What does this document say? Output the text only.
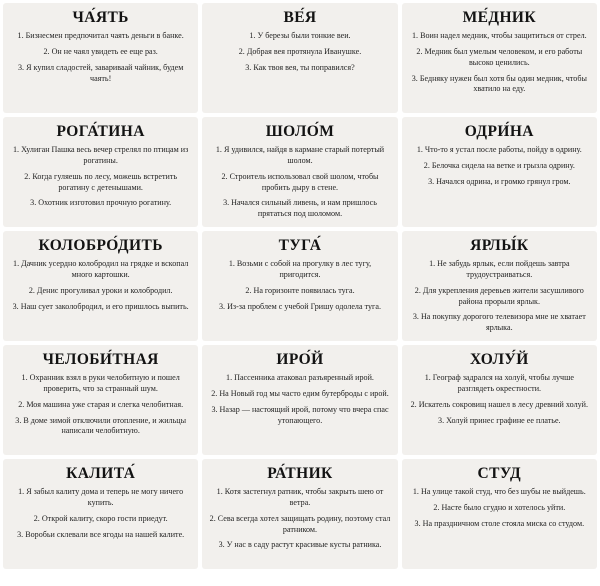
ЧА́ЯТЬ
1. Бизнесмен предпочитал чаять деньги в банке.
2. Он не чаял увидеть ее еще раз.
3. Я купил сладостей, завариваай чайник, будем чаять!
ВЕ́Я
1. У березы были тонкие веи.
2. Добрая вея протянула Иванушке.
3. Как твоя вея, ты поправился?
МЕ́ДНИК
1. Воин надел медник, чтобы защититься от стрел.
2. Медник был умелым человеком, и его работы высоко ценились.
3. Бедняку нужен был хотя бы один медник, чтобы хватило на еду.
РОГА́ТИНА
1. Хулиган Пашка весь вечер стрелял по птицам из рогатины.
2. Когда гуляешь по лесу, можешь встретить рогатину с детенышами.
3. Охотник изготовил прочную рогатину.
ШОЛО́М
1. Я удивился, найдя в кармане старый потертый шолом.
2. Строитель использовал свой шолом, чтобы пробить дыру в стене.
3. Начался сильный ливень, и нам пришлось прятаться под шоломом.
ОДРИ́НА
1. Что-то я устал после работы, пойду в одрину.
2. Белочка сидела на ветке и грызла одрину.
3. Начался одрина, и громко грянул гром.
КОЛОБРО́ДИТЬ
1. Дачник усердно колобродил на грядке и вскопал много картошки.
2. Денис прогуливал уроки и колобродил.
3. Наш сует заколобродил, и его пришлось выпить.
ТУГА́
1. Возьми с собой на прогулку в лес тугу, пригодится.
2. На горизонте появилась туга.
3. Из-за проблем с учебой Гришу одолела туга.
ЯРЛЫ́К
1. Не забудь ярлык, если пойдешь завтра трудоустраиваться.
2. Для укрепления деревьев жители засушливого района прорыли ярлык.
3. На покупку дорогого телевизора мне не хватает ярлыка.
ЧЕЛОБИ́ТНАЯ
1. Охранник взял в руки челобитную и пошел проверить, что за странный шум.
2. Моя машина уже старая и слегка челобитная.
3. В доме зимой отключили отопление, и жильцы написали челобитную.
ИРО́Й
1. Пассенника атаковал разъяренный ирой.
2. На Новый год мы часто едим бутерброды с ирой.
3. Назар — настоящий ирой, потому что вчера спас утопающего.
ХОЛУ́Й
1. Географ задрался на холуй, чтобы лучше разглядеть окрестности.
2. Искатель сокровищ нашел в лесу древний холуй.
3. Холуй принес графине ее платье.
КАЛИТА́
1. Я забыл калиту дома и теперь не могу ничего купить.
2. Открой калиту, скоро гости приедут.
3. Воробьи склевали все ягоды на нашей калите.
РА́ТНИК
1. Котя застегнул ратник, чтобы закрыть шею от ветра.
2. Сева всегда хотел защищать родину, поэтому стал ратником.
3. У нас в саду растут красивые кусты ратника.
СТУД
1. На улице такой студ, что без шубы не выйдешь.
2. Насте было сгудно и хотелось уйти.
3. На праздничном столе стояла миска со студом.
